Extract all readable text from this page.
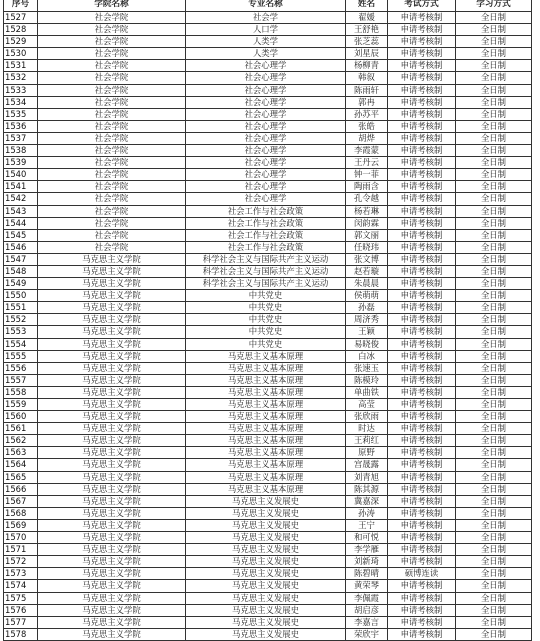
序号	学院名称	专业名称	姓名	考试方式	学习方式
1527	社会学院	社会学	翟媛	申请考核制	全日制
1528	社会学院	人口学	王舒艳	申请考核制	全日制
1529	社会学院	人类学	张芝蕊	申请考核制	全日制
1530	社会学院	人类学	刘星辰	申请考核制	全日制
1531	社会学院	社会心理学	杨柳青	申请考核制	全日制
1532	社会学院	社会心理学	韩叙	申请考核制	全日制
1533	社会学院	社会心理学	陈雨轩	申请考核制	全日制
1534	社会学院	社会心理学	郭冉	申请考核制	全日制
1535	社会学院	社会心理学	孙苏平	申请考核制	全日制
1536	社会学院	社会心理学	张皓	申请考核制	全日制
1537	社会学院	社会心理学	胡烨	申请考核制	全日制
1538	社会学院	社会心理学	李霞蒙	申请考核制	全日制
1539	社会学院	社会心理学	王丹云	申请考核制	全日制
1540	社会学院	社会心理学	钟一菲	申请考核制	全日制
1541	社会学院	社会心理学	陶雨含	申请考核制	全日制
1542	社会学院	社会心理学	孔令越	申请考核制	全日制
1543	社会学院	社会工作与社会政策	杨若琳	申请考核制	全日制
1544	社会学院	社会工作与社会政策	闵韵霖	申请考核制	全日制
1545	社会学院	社会工作与社会政策	郭文丽	申请考核制	全日制
1546	社会学院	社会工作与社会政策	任晓玮	申请考核制	全日制
1547	马克思主义学院	科学社会主义与国际共产主义运动	张文博	申请考核制	全日制
1548	马克思主义学院	科学社会主义与国际共产主义运动	赵若璇	申请考核制	全日制
1549	马克思主义学院	科学社会主义与国际共产主义运动	朱晨晨	申请考核制	全日制
1550	马克思主义学院	中共党史	侯萌萌	申请考核制	全日制
1551	马克思主义学院	中共党史	孙磊	申请考核制	全日制
1552	马克思主义学院	中共党史	周济秀	申请考核制	全日制
1553	马克思主义学院	中共党史	王颖	申请考核制	全日制
1554	马克思主义学院	中共党史	易晓俊	申请考核制	全日制
1555	马克思主义学院	马克思主义基本原理	白冰	申请考核制	全日制
1556	马克思主义学院	马克思主义基本原理	张速玉	申请考核制	全日制
1557	马克思主义学院	马克思主义基本原理	陈模玲	申请考核制	全日制
1558	马克思主义学院	马克思主义基本原理	单曲铁	申请考核制	全日制
1559	马克思主义学院	马克思主义基本原理	高莹	申请考核制	全日制
1560	马克思主义学院	马克思主义基本原理	张欣雨	申请考核制	全日制
1561	马克思主义学院	马克思主义基本原理	时达	申请考核制	全日制
1562	马克思主义学院	马克思主义基本原理	王莉红	申请考核制	全日制
1563	马克思主义学院	马克思主义基本原理	原野	申请考核制	全日制
1564	马克思主义学院	马克思主义基本原理	宫晟露	申请考核制	全日制
1565	马克思主义学院	马克思主义基本原理	刘青旭	申请考核制	全日制
1566	马克思主义学院	马克思主义基本原理	陈其源	申请考核制	全日制
1567	马克思主义学院	马克思主义发展史	冀嘉深	申请考核制	全日制
1568	马克思主义学院	马克思主义发展史	孙涛	申请考核制	全日制
1569	马克思主义学院	马克思主义发展史	王宁	申请考核制	全日制
1570	马克思主义学院	马克思主义发展史	和可悦	申请考核制	全日制
1571	马克思主义学院	马克思主义发展史	李学雁	申请考核制	全日制
1572	马克思主义学院	马克思主义发展史	刘新琦	申请考核制	全日制
1573	马克思主义学院	马克思主义发展史	陈碧晴	硕博连读	全日制
1574	马克思主义学院	马克思主义发展史	黄荣琴	申请考核制	全日制
1575	马克思主义学院	马克思主义发展史	李佩霞	申请考核制	全日制
1576	马克思主义学院	马克思主义发展史	胡启彦	申请考核制	全日制
1577	马克思主义学院	马克思主义发展史	李嘉言	申请考核制	全日制
1578	马克思主义学院	马克思主义发展史	荣欣宇	申请考核制	全日制
